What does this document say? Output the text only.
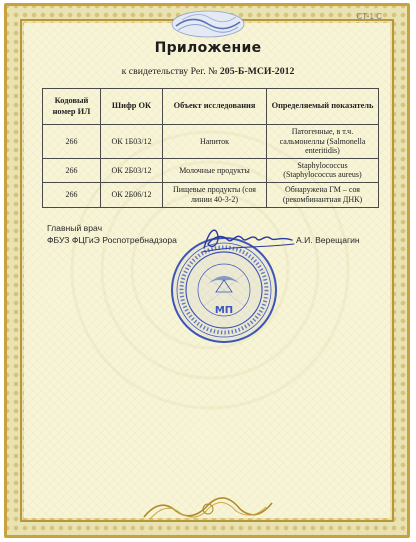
СТ-1 С
Приложение
к свидетельству Рег. № 205-Б-МСИ-2012
Кодовый номер ИЛ	Шифр ОК	Объект исследования	Определяемый показатель
266	ОК 1Б03/12	Напиток	Патогенные, в т.ч. сальмонеллы (Salmonella enteritidis)
266	ОК 2Б03/12	Молочные продукты	Staphylococcus (Staphylococcus aureus)
266	ОК 2Б06/12	Пищевые продукты (соя линии 40-3-2)	Обнаружена ГМ – соя (рекомбинантная ДНК)
Главный врач
ФБУЗ ФЦГиЭ Роспотребнадзора
МП
А.И. Верещагин
